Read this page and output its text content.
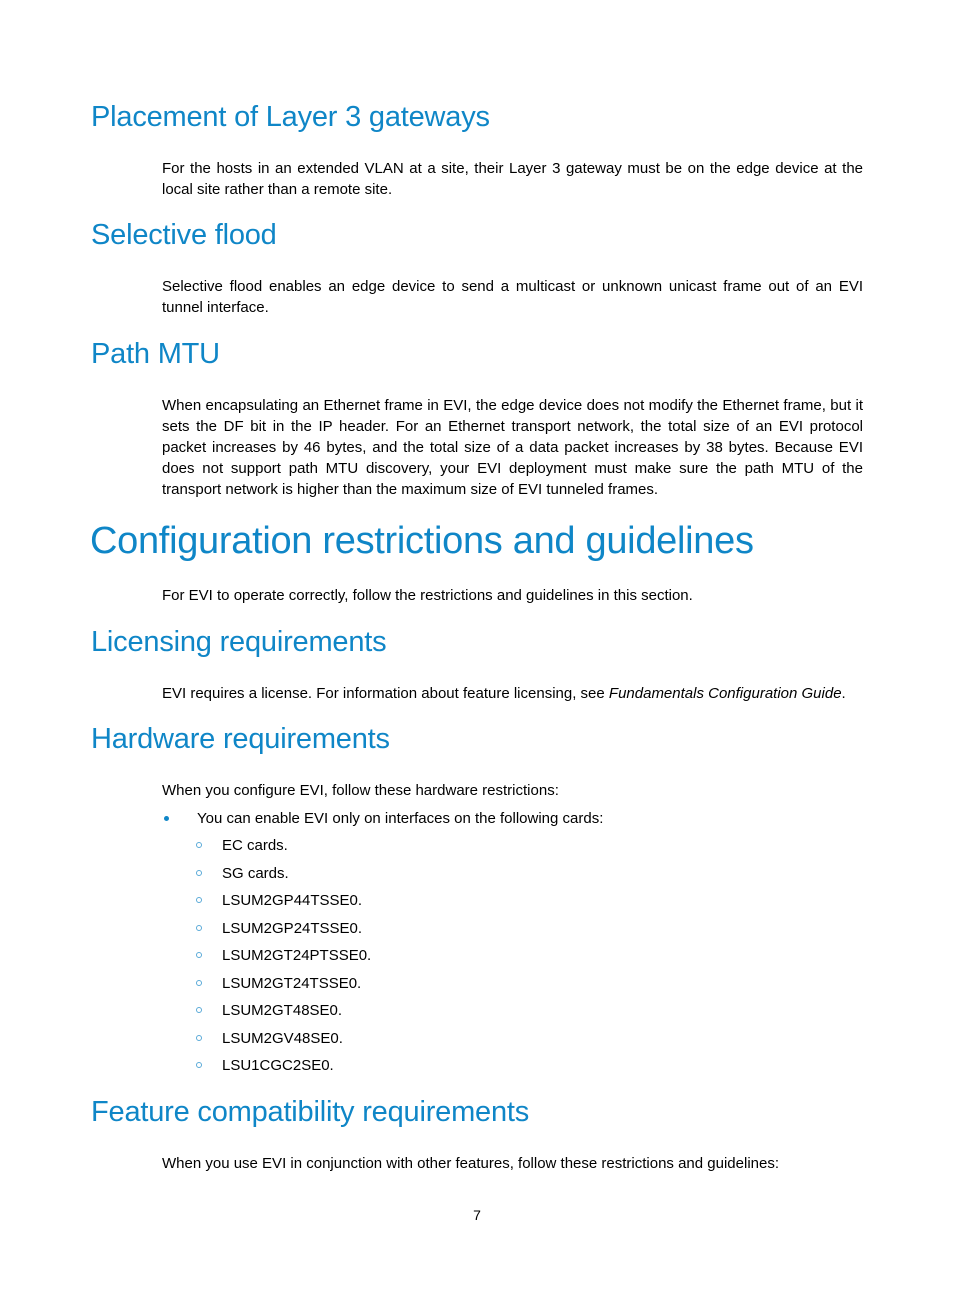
Placement of Layer 3 gateways

For the hosts in an extended VLAN at a site, their Layer 3 gateway must be on the edge device at the local site rather than a remote site.

Selective flood

Selective flood enables an edge device to send a multicast or unknown unicast frame out of an EVI tunnel interface.

Path MTU

When encapsulating an Ethernet frame in EVI, the edge device does not modify the Ethernet frame, but it sets the DF bit in the IP header. For an Ethernet transport network, the total size of an EVI protocol packet increases by 46 bytes, and the total size of a data packet increases by 38 bytes. Because EVI does not support path MTU discovery, your EVI deployment must make sure the path MTU of the transport network is higher than the maximum size of EVI tunneled frames.

Configuration restrictions and guidelines

For EVI to operate correctly, follow the restrictions and guidelines in this section.

Licensing requirements

EVI requires a license. For information about feature licensing, see Fundamentals Configuration Guide.

Hardware requirements

When you configure EVI, follow these hardware restrictions:

You can enable EVI only on interfaces on the following cards:
EC cards.
SG cards.
LSUM2GP44TSSE0.
LSUM2GP24TSSE0.
LSUM2GT24PTSSE0.
LSUM2GT24TSSE0.
LSUM2GT48SE0.
LSUM2GV48SE0.
LSU1CGC2SE0.
Feature compatibility requirements

When you use EVI in conjunction with other features, follow these restrictions and guidelines:

7
